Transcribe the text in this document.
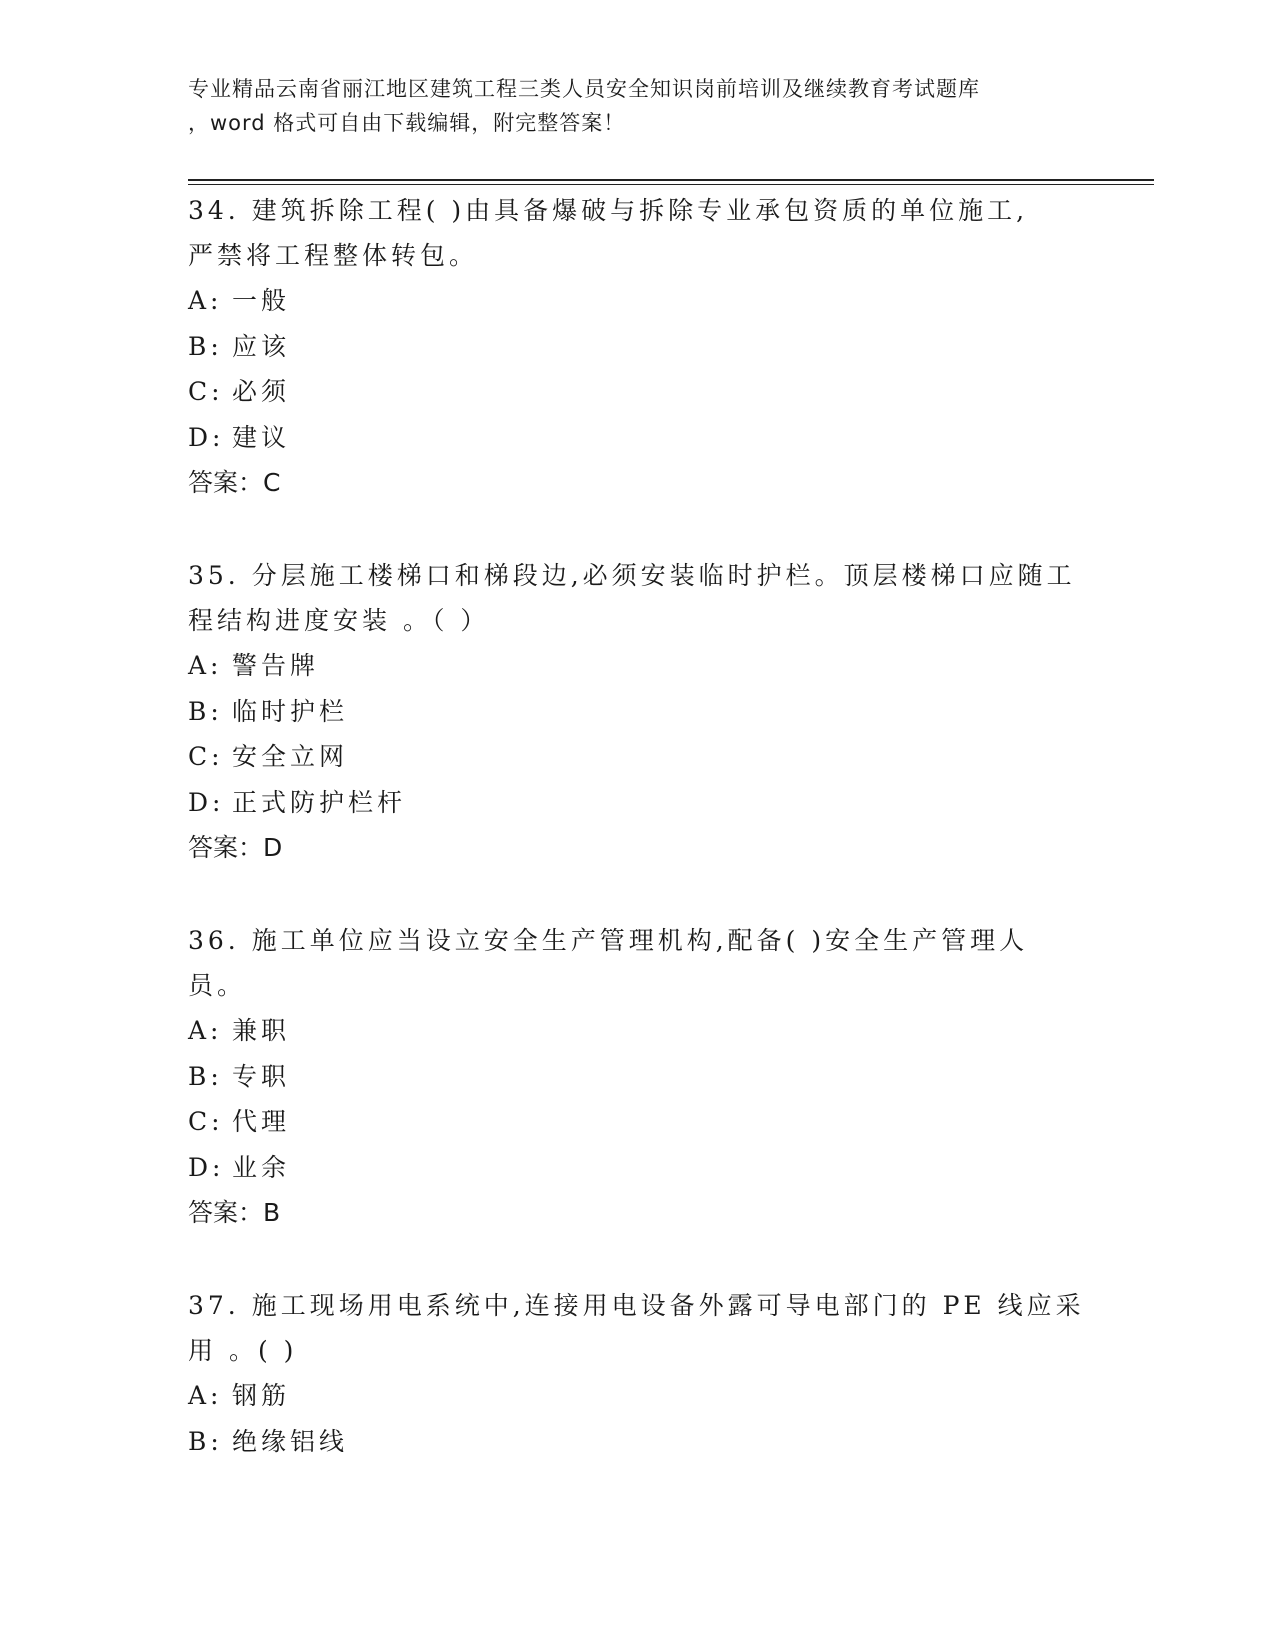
专业精品云南省丽江地区建筑工程三类人员安全知识岗前培训及继续教育考试题库
，word 格式可自由下载编辑，附完整答案！
34. 建筑拆除工程( )由具备爆破与拆除专业承包资质的单位施工,
严禁将工程整体转包。
A: 一般
B: 应该
C: 必须
D: 建议
答案：C
35. 分层施工楼梯口和梯段边,必须安装临时护栏。顶层楼梯口应随工
程结构进度安装 。（ ）
A: 警告牌
B: 临时护栏
C: 安全立网
D: 正式防护栏杆
答案：D
36. 施工单位应当设立安全生产管理机构,配备( )安全生产管理人
员。
A: 兼职
B: 专职
C: 代理
D: 业余
答案：B
37. 施工现场用电系统中,连接用电设备外露可导电部门的 PE 线应采
用 。( )
A: 钢筋
B: 绝缘铝线
